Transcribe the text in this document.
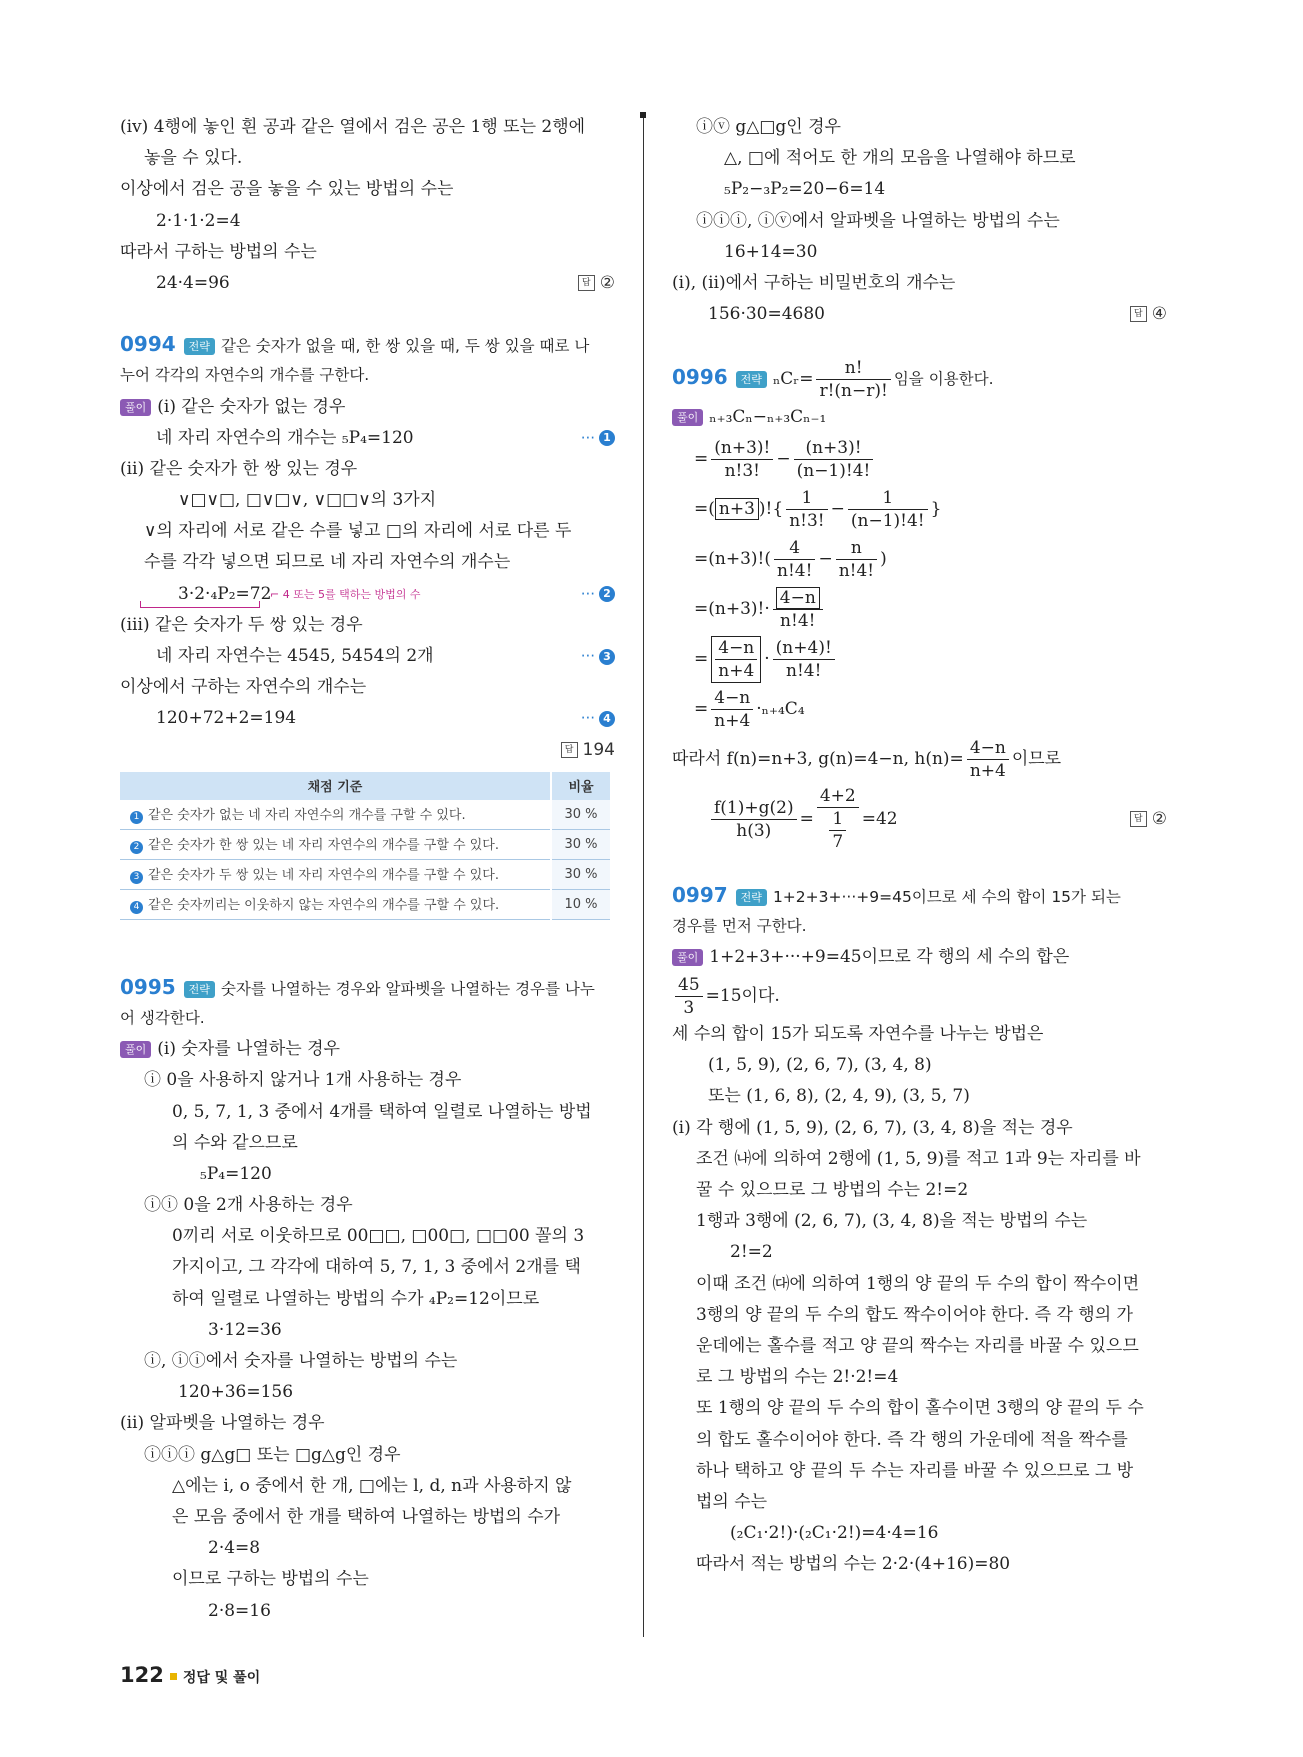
(ⅳ) 4행에 놓인 흰 공과 같은 열에서 검은 공은 1행 또는 2행에
놓을 수 있다.
이상에서 검은 공을 놓을 수 있는 방법의 수는
2·1·1·2=4
따라서 구하는 방법의 수는
24·4=96	답 ②
0994 전략 같은 숫자가 없을 때, 한 쌍 있을 때, 두 쌍 있을 때로 나
누어 각각의 자연수의 개수를 구한다.
풀이 (ⅰ) 같은 숫자가 없는 경우
네 자리 자연수의 개수는 ₅P₄=120	··· 1
(ⅱ) 같은 숫자가 한 쌍 있는 경우
∨□∨□, □∨□∨, ∨□□∨의 3가지
∨의 자리에 서로 같은 수를 넣고 □의 자리에 서로 다른 두
수를 각각 넣으면 되므로 네 자리 자연수의 개수는
3·2·₄P₂=72
⌐ 4 또는 5를 택하는 방법의 수	··· 2
(ⅲ) 같은 숫자가 두 쌍 있는 경우
네 자리 자연수는 4545, 5454의 2개	··· 3
이상에서 구하는 자연수의 개수는
120+72+2=194	··· 4
답 194
채점 기준	비율
1 같은 숫자가 없는 네 자리 자연수의 개수를 구할 수 있다.	30 %
2 같은 숫자가 한 쌍 있는 네 자리 자연수의 개수를 구할 수 있다.	30 %
3 같은 숫자가 두 쌍 있는 네 자리 자연수의 개수를 구할 수 있다.	30 %
4 같은 숫자끼리는 이웃하지 않는 자연수의 개수를 구할 수 있다.	10 %
0995 전략 숫자를 나열하는 경우와 알파벳을 나열하는 경우를 나누
어 생각한다.
풀이 (ⅰ) 숫자를 나열하는 경우
ⓘ 0을 사용하지 않거나 1개 사용하는 경우
0, 5, 7, 1, 3 중에서 4개를 택하여 일렬로 나열하는 방법
의 수와 같으므로
₅P₄=120
ⓘⓘ 0을 2개 사용하는 경우
0끼리 서로 이웃하므로 00□□, □00□, □□00 꼴의 3
가지이고, 그 각각에 대하여 5, 7, 1, 3 중에서 2개를 택
하여 일렬로 나열하는 방법의 수가 ₄P₂=12이므로
3·12=36
ⓘ, ⓘⓘ에서 숫자를 나열하는 방법의 수는
120+36=156
(ⅱ) 알파벳을 나열하는 경우
ⓘⓘⓘ g△g□ 또는 □g△g인 경우
△에는 i, o 중에서 한 개, □에는 l, d, n과 사용하지 않
은 모음 중에서 한 개를 택하여 나열하는 방법의 수가
2·4=8
이므로 구하는 방법의 수는
2·8=16
ⓘⓥ g△□g인 경우
△, □에 적어도 한 개의 모음을 나열해야 하므로
₅P₂−₃P₂=20−6=14
ⓘⓘⓘ, ⓘⓥ에서 알파벳을 나열하는 방법의 수는
16+14=30
(ⅰ), (ⅱ)에서 구하는 비밀번호의 개수는
156·30=4680	답 ④
0996 전략 ₙCᵣ= $\frac{n!}{r!(n-r)!}$ 임을 이용한다.
풀이 ₙ₊₃Cₙ−ₙ₊₃Cₙ₋₁
= $\frac{(n+3)!}{n!3!} - \frac{(n+3)!}{(n-1)!4!}$
=( n+3 )!{ $\frac{1}{n!3!} - \frac{1}{(n-1)!4!}$ }
$=(n+3)!( \frac{4}{n!4!} - \frac{n}{n!4!}$ )
$=(n+3)!\cdot \frac{4-n}{n!4!}$
= $\frac{4-n}{n+4} \cdot \frac{(n+4)!}{n!4!}$
= $\frac{4-n}{n+4} \cdot_{n+4}C_4$
따라서 f(n)=n+3, g(n)=4−n, $h(n)= \frac{4-n}{n+4}$ 이므로
$\frac{f(1)+g(2)}{h(3)} = \frac{4+2}{\frac{1}{7}} =42$	답 ②
0997 전략 1+2+3+···+9=45이므로 세 수의 합이 15가 되는
경우를 먼저 구한다.
풀이 1+2+3+···+9=45이므로 각 행의 세 수의 합은
$\frac{45}{3} =15$이다.
세 수의 합이 15가 되도록 자연수를 나누는 방법은
(1, 5, 9), (2, 6, 7), (3, 4, 8)
또는 (1, 6, 8), (2, 4, 9), (3, 5, 7)
(ⅰ) 각 행에 (1, 5, 9), (2, 6, 7), (3, 4, 8)을 적는 경우
조건 ㈏에 의하여 2행에 (1, 5, 9)를 적고 1과 9는 자리를 바
꿀 수 있으므로 그 방법의 수는 2!=2
1행과 3행에 (2, 6, 7), (3, 4, 8)을 적는 방법의 수는
2!=2
이때 조건 ㈐에 의하여 1행의 양 끝의 두 수의 합이 짝수이면
3행의 양 끝의 두 수의 합도 짝수이어야 한다. 즉 각 행의 가
운데에는 홀수를 적고 양 끝의 짝수는 자리를 바꿀 수 있으므
로 그 방법의 수는 2!·2!=4
또 1행의 양 끝의 두 수의 합이 홀수이면 3행의 양 끝의 두 수
의 합도 홀수이어야 한다. 즉 각 행의 가운데에 적을 짝수를
하나 택하고 양 끝의 두 수는 자리를 바꿀 수 있으므로 그 방
법의 수는
(₂C₁·2!)·(₂C₁·2!)=4·4=16
따라서 적는 방법의 수는 2·2·(4+16)=80
122 정답 및 풀이
